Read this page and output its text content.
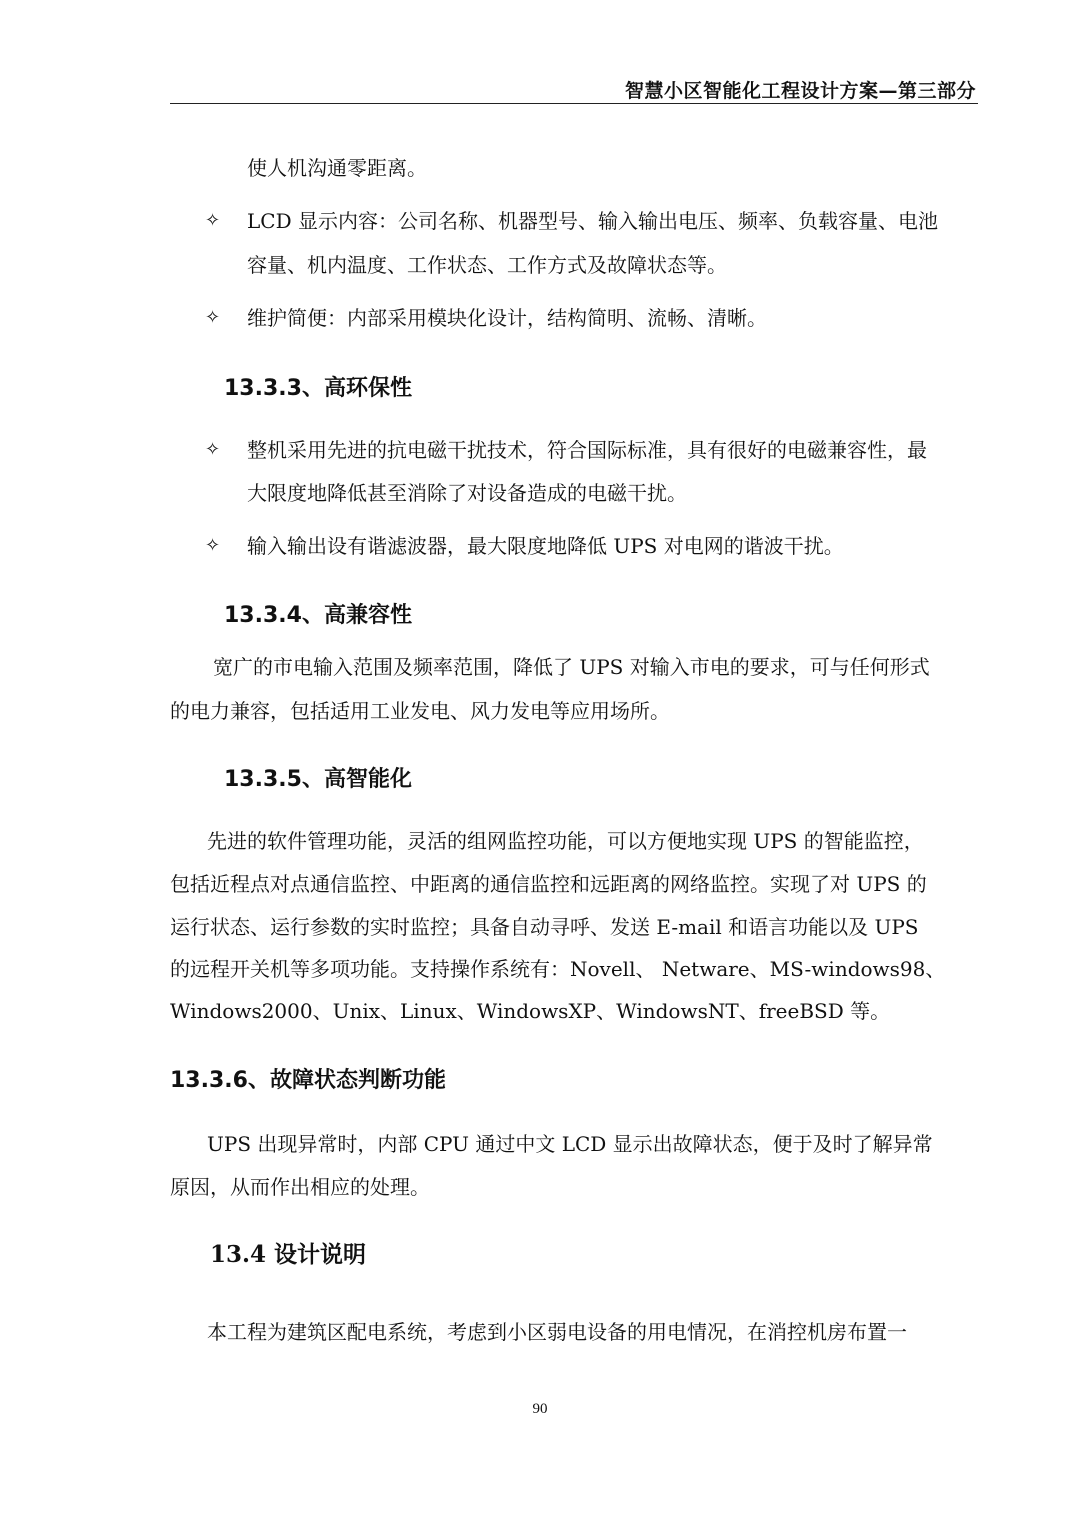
智慧小区智能化工程设计方案—第三部分
使人机沟通零距离。
✧ LCD 显示内容：公司名称、机器型号、输入输出电压、频率、负载容量、电池
容量、机内温度、工作状态、工作方式及故障状态等。
✧ 维护简便：内部采用模块化设计，结构简明、流畅、清晰。
13.3.3、高环保性
✧ 整机采用先进的抗电磁干扰技术，符合国际标准，具有很好的电磁兼容性，最
大限度地降低甚至消除了对设备造成的电磁干扰。
✧ 输入输出设有谐滤波器，最大限度地降低 UPS 对电网的谐波干扰。
13.3.4、高兼容性
宽广的市电输入范围及频率范围，降低了 UPS 对输入市电的要求，可与任何形式
的电力兼容，包括适用工业发电、风力发电等应用场所。
13.3.5、高智能化
先进的软件管理功能，灵活的组网监控功能，可以方便地实现 UPS 的智能监控，
包括近程点对点通信监控、中距离的通信监控和远距离的网络监控。实现了对 UPS 的
运行状态、运行参数的实时监控；具备自动寻呼、发送 E-mail 和语言功能以及 UPS
的远程开关机等多项功能。支持操作系统有：Novell、 Netware、MS-windows98、
Windows2000、Unix、Linux、WindowsXP、WindowsNT、freeBSD 等。
13.3.6、故障状态判断功能
UPS 出现异常时，内部 CPU 通过中文 LCD 显示出故障状态，便于及时了解异常
原因，从而作出相应的处理。
13.4 设计说明
本工程为建筑区配电系统，考虑到小区弱电设备的用电情况，在消控机房布置一
90
